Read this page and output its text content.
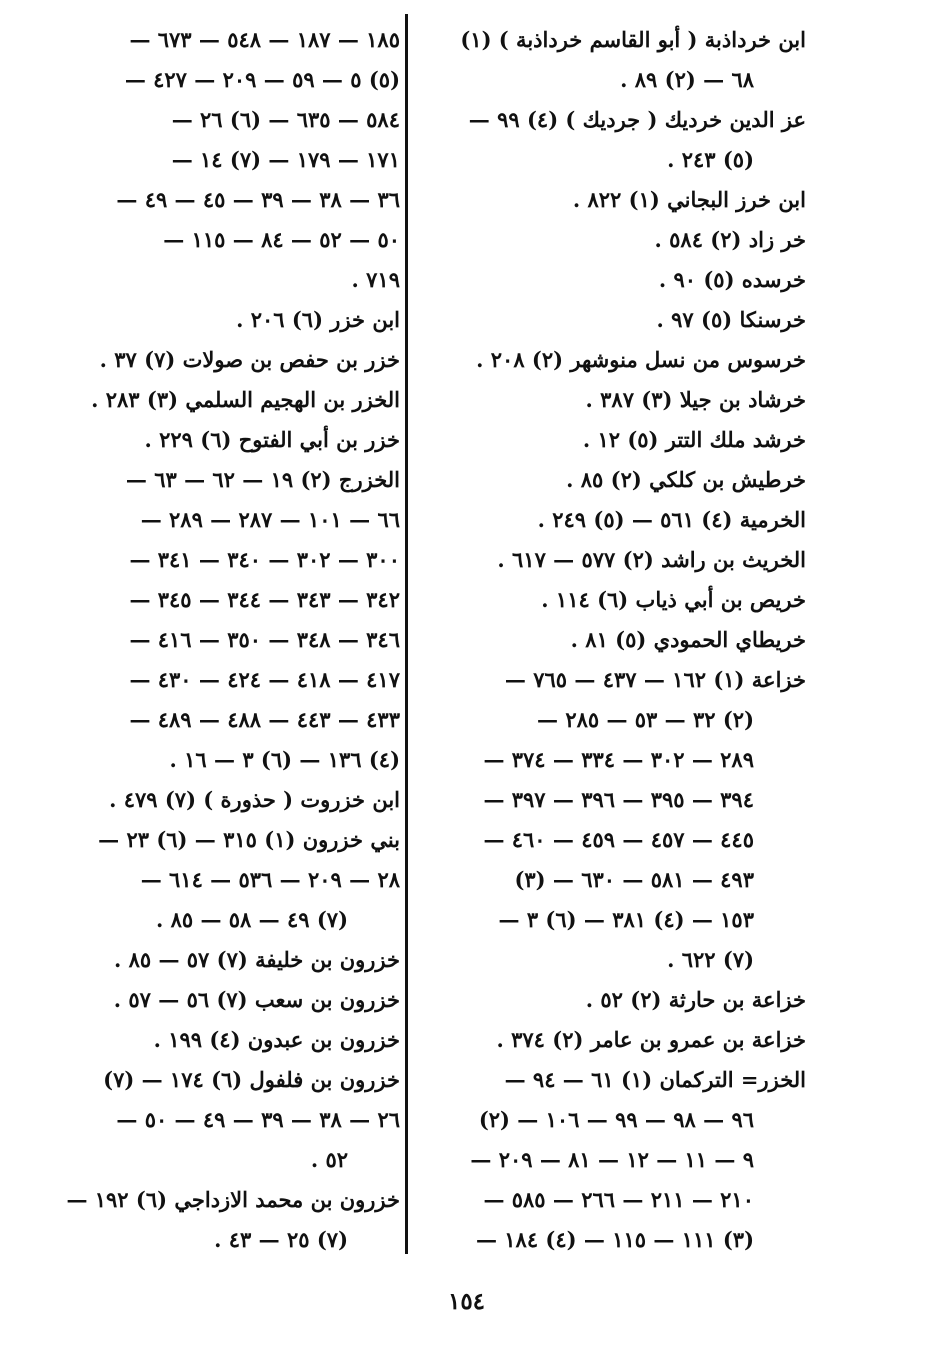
ابن خرداذبة ( أبو القاسم خرداذبة ) (١)
٦٨ — (٢) ٨٩ .
عز الدين خرديك ( جرديك ) (٤) ٩٩ —
(٥) ٢٤٣ .
ابن خرز البجاني (١) ٨٢٢ .
خر زاد (٢) ٥٨٤ .
خرسده (٥) ٩٠ .
خرسنكا (٥) ٩٧ .
خرسوس من نسل منوشهر (٢) ٢٠٨ .
خرشاد بن جيلا (٣) ٣٨٧ .
خرشد ملك التتر (٥) ١٢ .
خرطيش بن كلكي (٢) ٨٥ .
الخرمية (٤) ٥٦١ — (٥) ٢٤٩ .
الخريث بن راشد (٢) ٥٧٧ — ٦١٧ .
خريص بن أبي ذياب (٦) ١١٤ .
خريطاي الحمودي (٥) ٨١ .
خزاعة (١) ١٦٢ — ٤٣٧ — ٧٦٥ —
(٢) ٣٢ — ٥٣ — ٢٨٥ —
٢٨٩ — ٣٠٢ — ٣٣٤ — ٣٧٤ —
٣٩٤ — ٣٩٥ — ٣٩٦ — ٣٩٧ —
٤٤٥ — ٤٥٧ — ٤٥٩ — ٤٦٠ —
٤٩٣ — ٥٨١ — ٦٣٠ — (٣)
١٥٣ — (٤) ٣٨١ — (٦) ٣ —
(٧) ٦٢٢ .
خزاعة بن حارثة (٢) ٥٢ .
خزاعة بن عمرو بن عامر (٢) ٣٧٤ .
الخزر= التركمان (١) ٦١ — ٩٤ —
٩٦ — ٩٨ — ٩٩ — ١٠٦ — (٢)
٩ — ١١ — ١٢ — ٨١ — ٢٠٩ —
٢١٠ — ٢١١ — ٢٦٦ — ٥٨٥ —
(٣) ١١١ — ١١٥ — (٤) ١٨٤ —
١٨٥ — ١٨٧ — ٥٤٨ — ٦٧٣ —
(٥) ٥ — ٥٩ — ٢٠٩ — ٤٢٧ —
٥٨٤ — ٦٣٥ — (٦) ٢٦ —
١٧١ — ١٧٩ — (٧) ١٤ —
٣٦ — ٣٨ — ٣٩ — ٤٥ — ٤٩ —
٥٠ — ٥٢ — ٨٤ — ١١٥ —
٧١٩ .
ابن خزر (٦) ٢٠٦ .
خزر بن حفص بن صولات (٧) ٣٧ .
الخزر بن الهجيم السلمي (٣) ٢٨٣ .
خزر بن أبي الفتوح (٦) ٢٢٩ .
الخزرج (٢) ١٩ — ٦٢ — ٦٣ —
٦٦ — ١٠١ — ٢٨٧ — ٢٨٩ —
٣٠٠ — ٣٠٢ — ٣٤٠ — ٣٤١ —
٣٤٢ — ٣٤٣ — ٣٤٤ — ٣٤٥ —
٣٤٦ — ٣٤٨ — ٣٥٠ — ٤١٦ —
٤١٧ — ٤١٨ — ٤٢٤ — ٤٣٠ —
٤٣٣ — ٤٤٣ — ٤٨٨ — ٤٨٩ —
(٤) ١٣٦ — (٦) ٣ — ١٦ .
ابن خزروت ( حذورة ) (٧) ٤٧٩ .
بني خزرون (١) ٣١٥ — (٦) ٢٣ —
٢٨ — ٢٠٩ — ٥٣٦ — ٦١٤ —
(٧) ٤٩ — ٥٨ — ٨٥ .
خزرون بن خليفة (٧) ٥٧ — ٨٥ .
خزرون بن سعب (٧) ٥٦ — ٥٧ .
خزرون بن عبدون (٤) ١٩٩ .
خزرون بن فلفول (٦) ١٧٤ — (٧)
٢٦ — ٣٨ — ٣٩ — ٤٩ — ٥٠ —
٥٢ .
خزرون بن محمد الازداجي (٦) ١٩٢ —
(٧) ٢٥ — ٤٣ .
١٥٤
